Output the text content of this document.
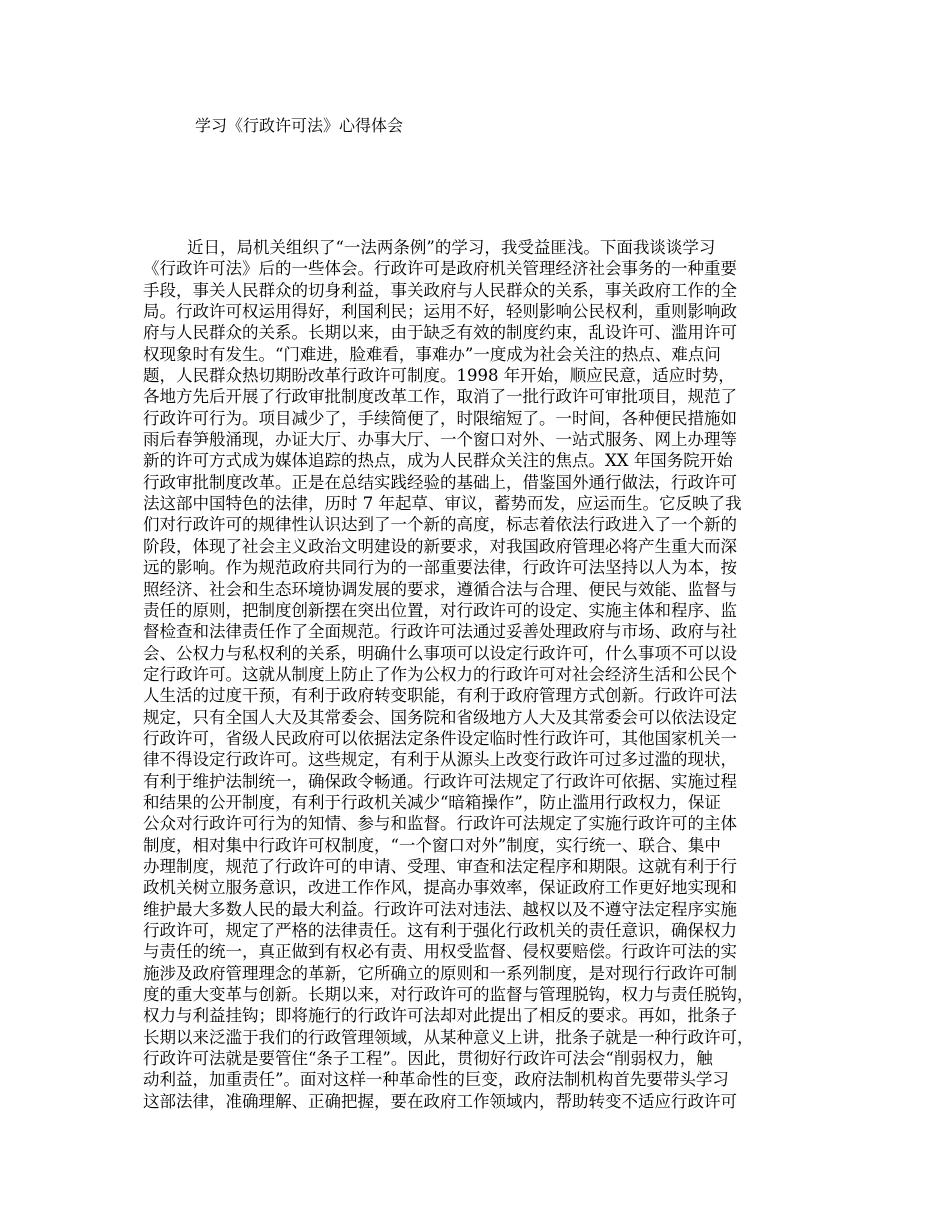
学习《行政许可法》心得体会
近日，局机关组织了“一法两条例”的学习，我受益匪浅。下面我谈谈学习
《行政许可法》后的一些体会。行政许可是政府机关管理经济社会事务的一种重要
手段，事关人民群众的切身利益，事关政府与人民群众的关系，事关政府工作的全
局。行政许可权运用得好，利国利民；运用不好，轻则影响公民权利，重则影响政
府与人民群众的关系。长期以来，由于缺乏有效的制度约束，乱设许可、滥用许可
权现象时有发生。“门难进，脸难看，事难办”一度成为社会关注的热点、难点问
题，人民群众热切期盼改革行政许可制度。1998 年开始，顺应民意，适应时势，
各地方先后开展了行政审批制度改革工作，取消了一批行政许可审批项目，规范了
行政许可行为。项目减少了，手续简便了，时限缩短了。一时间，各种便民措施如
雨后春笋般涌现，办证大厅、办事大厅、一个窗口对外、一站式服务、网上办理等
新的许可方式成为媒体追踪的热点，成为人民群众关注的焦点。XX 年国务院开始
行政审批制度改革。正是在总结实践经验的基础上，借鉴国外通行做法，行政许可
法这部中国特色的法律，历时 7 年起草、审议，蓄势而发，应运而生。它反映了我
们对行政许可的规律性认识达到了一个新的高度，标志着依法行政进入了一个新的
阶段，体现了社会主义政治文明建设的新要求，对我国政府管理必将产生重大而深
远的影响。作为规范政府共同行为的一部重要法律，行政许可法坚持以人为本，按
照经济、社会和生态环境协调发展的要求，遵循合法与合理、便民与效能、监督与
责任的原则，把制度创新摆在突出位置，对行政许可的设定、实施主体和程序、监
督检查和法律责任作了全面规范。行政许可法通过妥善处理政府与市场、政府与社
会、公权力与私权利的关系，明确什么事项可以设定行政许可，什么事项不可以设
定行政许可。这就从制度上防止了作为公权力的行政许可对社会经济生活和公民个
人生活的过度干预，有利于政府转变职能，有利于政府管理方式创新。行政许可法
规定，只有全国人大及其常委会、国务院和省级地方人大及其常委会可以依法设定
行政许可，省级人民政府可以依据法定条件设定临时性行政许可，其他国家机关一
律不得设定行政许可。这些规定，有利于从源头上改变行政许可过多过滥的现状，
有利于维护法制统一，确保政令畅通。行政许可法规定了行政许可依据、实施过程
和结果的公开制度，有利于行政机关减少“暗箱操作”，防止滥用行政权力，保证
公众对行政许可行为的知情、参与和监督。行政许可法规定了实施行政许可的主体
制度，相对集中行政许可权制度，“一个窗口对外”制度，实行统一、联合、集中
办理制度，规范了行政许可的申请、受理、审查和法定程序和期限。这就有利于行
政机关树立服务意识，改进工作作风，提高办事效率，保证政府工作更好地实现和
维护最大多数人民的最大利益。行政许可法对违法、越权以及不遵守法定程序实施
行政许可，规定了严格的法律责任。这有利于强化行政机关的责任意识，确保权力
与责任的统一，真正做到有权必有责、用权受监督、侵权要赔偿。行政许可法的实
施涉及政府管理理念的革新，它所确立的原则和一系列制度，是对现行行政许可制
度的重大变革与创新。长期以来，对行政许可的监督与管理脱钩，权力与责任脱钩，
权力与利益挂钩；即将施行的行政许可法却对此提出了相反的要求。再如，批条子
长期以来泛滥于我们的行政管理领域，从某种意义上讲，批条子就是一种行政许可，
行政许可法就是要管住“条子工程”。因此，贯彻好行政许可法会“削弱权力，触
动利益，加重责任”。面对这样一种革命性的巨变，政府法制机构首先要带头学习
这部法律，准确理解、正确把握，要在政府工作领域内，帮助转变不适应行政许可
